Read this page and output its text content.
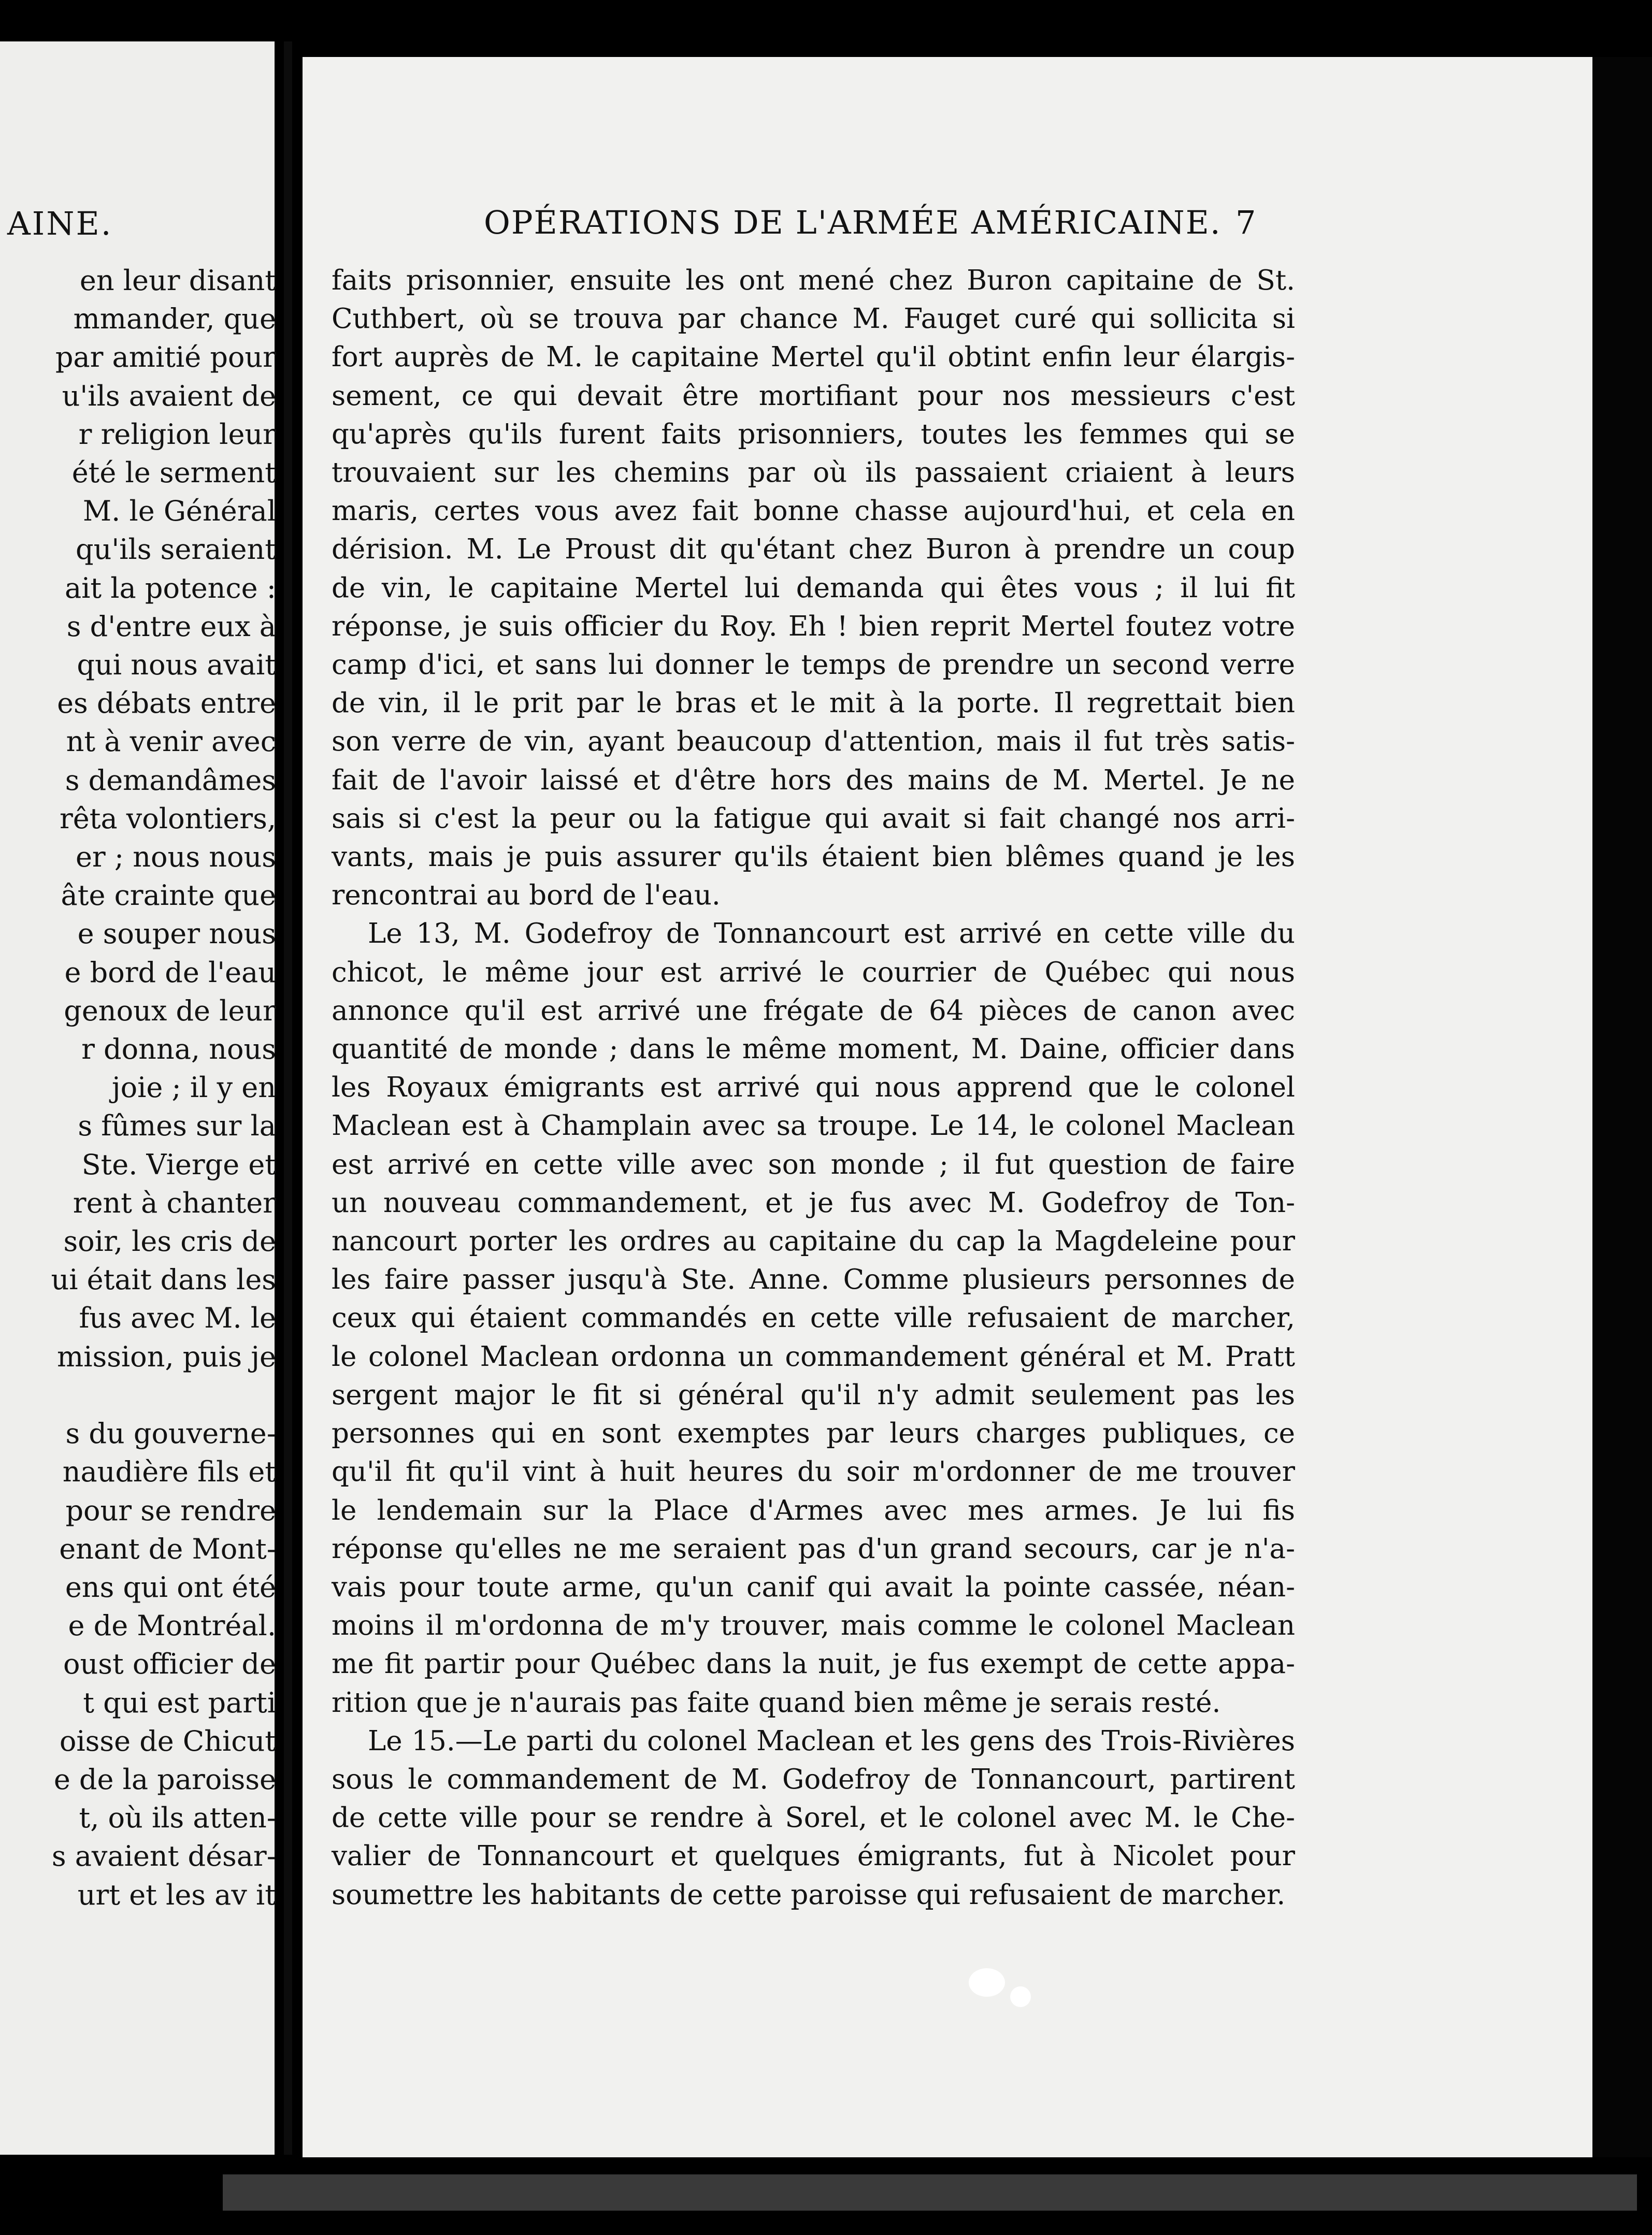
AINE.
en leur disant
mmander, que
par amitié pour
u'ils avaient de
r religion leur
été le serment
M. le Général
qu'ils seraient
ait la potence :
s d'entre eux à
qui nous avait
es débats entre
nt à venir avec
s demandâmes
rêta volontiers,
er ; nous nous
âte crainte que
e souper nous
e bord de l'eau
genoux de leur
r donna, nous
joie ; il y en
s fûmes sur la
Ste. Vierge et
rent à chanter
soir, les cris de
ui était dans les
fus avec M. le
mission, puis je

s du gouverne-
naudière fils et
pour se rendre
enant de Mont-
ens qui ont été
e de Montréal.
oust officier de
t qui est parti
oisse de Chicut
e de la paroisse
t, où ils atten-
s avaient désar-
urt et les av it
OPÉRATIONS DE L'ARMÉE AMÉRICAINE. 7
faits prisonnier, ensuite les ont mené chez Buron capitaine de St.
Cuthbert, où se trouva par chance M. Fauget curé qui sollicita si
fort auprès de M. le capitaine Mertel qu'il obtint enfin leur élargis-
sement, ce qui devait être mortifiant pour nos messieurs c'est
qu'après qu'ils furent faits prisonniers, toutes les femmes qui se
trouvaient sur les chemins par où ils passaient criaient à leurs
maris, certes vous avez fait bonne chasse aujourd'hui, et cela en
dérision. M. Le Proust dit qu'étant chez Buron à prendre un coup
de vin, le capitaine Mertel lui demanda qui êtes vous ; il lui fit
réponse, je suis officier du Roy. Eh ! bien reprit Mertel foutez votre
camp d'ici, et sans lui donner le temps de prendre un second verre
de vin, il le prit par le bras et le mit à la porte. Il regrettait bien
son verre de vin, ayant beaucoup d'attention, mais il fut très satis-
fait de l'avoir laissé et d'être hors des mains de M. Mertel. Je ne
sais si c'est la peur ou la fatigue qui avait si fait changé nos arri-
vants, mais je puis assurer qu'ils étaient bien blêmes quand je les
rencontrai au bord de l'eau.
Le 13, M. Godefroy de Tonnancourt est arrivé en cette ville du
chicot, le même jour est arrivé le courrier de Québec qui nous
annonce qu'il est arrivé une frégate de 64 pièces de canon avec
quantité de monde ; dans le même moment, M. Daine, officier dans
les Royaux émigrants est arrivé qui nous apprend que le colonel
Maclean est à Champlain avec sa troupe. Le 14, le colonel Maclean
est arrivé en cette ville avec son monde ; il fut question de faire
un nouveau commandement, et je fus avec M. Godefroy de Ton-
nancourt porter les ordres au capitaine du cap la Magdeleine pour
les faire passer jusqu'à Ste. Anne. Comme plusieurs personnes de
ceux qui étaient commandés en cette ville refusaient de marcher,
le colonel Maclean ordonna un commandement général et M. Pratt
sergent major le fit si général qu'il n'y admit seulement pas les
personnes qui en sont exemptes par leurs charges publiques, ce
qu'il fit qu'il vint à huit heures du soir m'ordonner de me trouver
le lendemain sur la Place d'Armes avec mes armes. Je lui fis
réponse qu'elles ne me seraient pas d'un grand secours, car je n'a-
vais pour toute arme, qu'un canif qui avait la pointe cassée, néan-
moins il m'ordonna de m'y trouver, mais comme le colonel Maclean
me fit partir pour Québec dans la nuit, je fus exempt de cette appa-
rition que je n'aurais pas faite quand bien même je serais resté.
Le 15.—Le parti du colonel Maclean et les gens des Trois-Rivières
sous le commandement de M. Godefroy de Tonnancourt, partirent
de cette ville pour se rendre à Sorel, et le colonel avec M. le Che-
valier de Tonnancourt et quelques émigrants, fut à Nicolet pour
soumettre les habitants de cette paroisse qui refusaient de marcher.
